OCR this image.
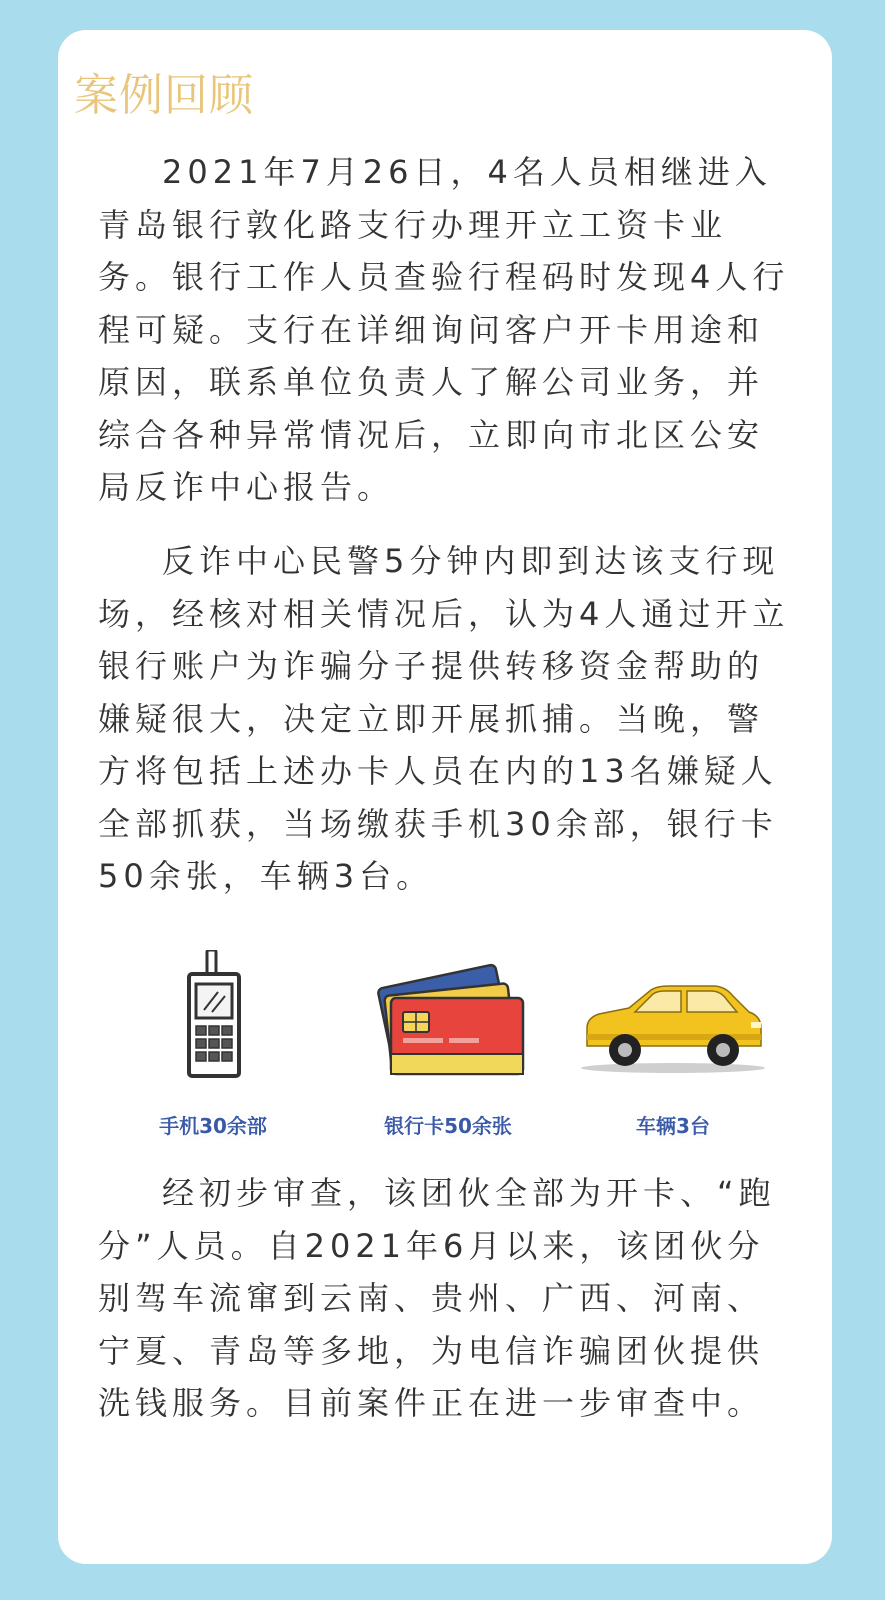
案例回顾

2021年7月26日，4名人员相继进入青岛银行敦化路支行办理开立工资卡业务。银行工作人员查验行程码时发现4人行程可疑。支行在详细询问客户开卡用途和原因，联系单位负责人了解公司业务，并综合各种异常情况后，立即向市北区公安局反诈中心报告。

反诈中心民警5分钟内即到达该支行现场，经核对相关情况后，认为4人通过开立银行账户为诈骗分子提供转移资金帮助的嫌疑很大，决定立即开展抓捕。当晚，警方将包括上述办卡人员在内的13名嫌疑人全部抓获，当场缴获手机30余部，银行卡50余张，车辆3台。

手机30余部	银行卡50余张	车辆3台

经初步审查，该团伙全部为开卡、“跑分”人员。自2021年6月以来，该团伙分别驾车流窜到云南、贵州、广西、河南、宁夏、青岛等多地，为电信诈骗团伙提供洗钱服务。目前案件正在进一步审查中。
